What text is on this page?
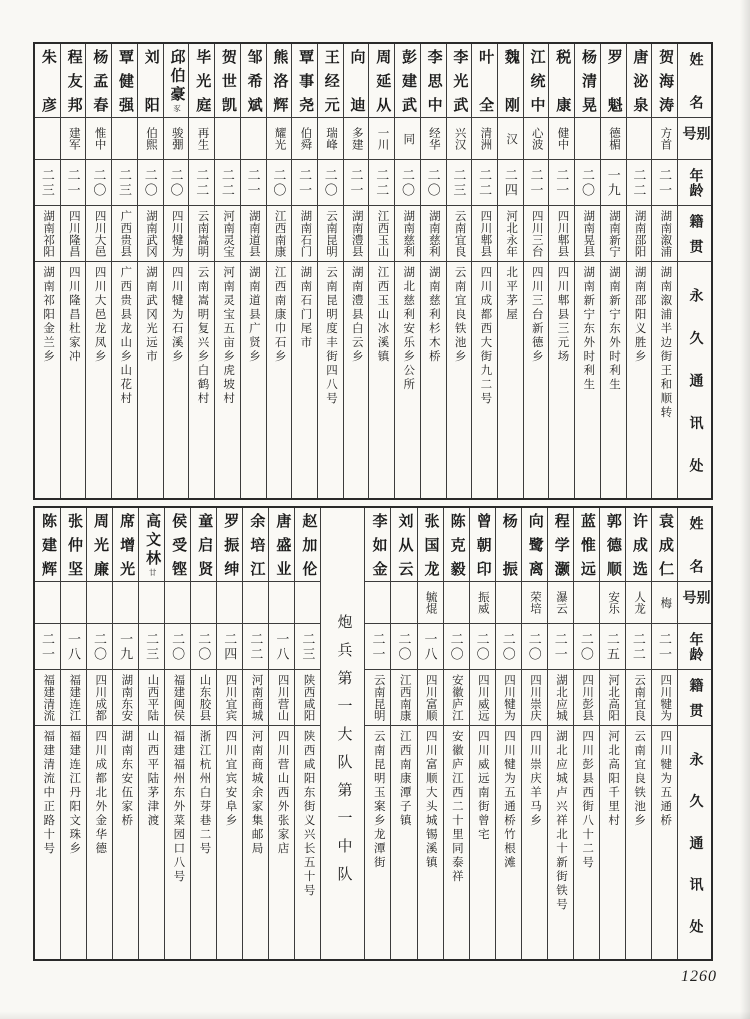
姓名
别号
年龄
籍贯
永久通讯处
贺海涛
方首
二一
湖南溆浦
湖南溆浦半边街王和顺转
唐泌泉
二二
湖南邵阳
湖南邵阳义胜乡
罗魁
德楣
一九
湖南新宁
湖南新宁东外时利生
杨清晃
二〇
湖南晃县
湖南新宁东外时利生
税康
健中
二一
四川郫县
四川郫县三元场
江统中
心波
二一
四川三台
四川三台新德乡
魏刚
汉
二四
河北永年
北平茅屋
叶全
清洲
二二
四川郫县
四川成都西大街九二号
李光武
兴汉
二三
云南宜良
云南宜良铁池乡
李思中
经华
二〇
湖南慈利
湖南慈利杉木桥
彭建武
同
二〇
湖南慈利
湖北慈利安乐乡公所
周延从
一川
二二
江西玉山
江西玉山冰溪镇
向迪
多建
二一
湖南澧县
湖南澧县白云乡
王经元
瑞峰
二〇
云南昆明
云南昆明度丰街四八号
覃事尧
伯舜
二一
湖南石门
湖南石门尾市
熊洛辉
耀光
二〇
江西南康
江西南康巾石乡
邹希斌
二一
湖南道县
湖南道县广贤乡
贺世凯
二二
河南灵宝
河南灵宝五亩乡虎坡村
毕光庭
再生
二二
云南嵩明
云南嵩明复兴乡白鹤村
邱伯豪豕
骏弸
二〇
四川犍为
四川犍为石溪乡
刘阳
伯熙
二〇
湖南武冈
湖南武冈光远市
覃健强
二三
广西贵县
广西贵县龙山乡山花村
杨孟春
惟中
二〇
四川大邑
四川大邑龙凤乡
程友邦
建军
二一
四川隆昌
四川隆昌杜家冲
朱彦
二三
湖南祁阳
湖南祁阳金兰乡
姓名
别号
年龄
籍贯
永久通讯处
袁成仁
梅
二一
四川犍为
四川犍为五通桥
许成选
人龙
二二
云南宜良
云南宜良铁池乡
郭德顺
安乐
二五
河北高阳
河北高阳千里村
蓝惟远
二〇
四川彭县
四川彭县西街八十二号
程学灏
瀑云
二一
湖北应城
湖北应城卢兴祥北十新街铁号
向鹭离
荣培
二〇
四川崇庆
四川崇庆羊马乡
杨振
二〇
四川犍为
四川犍为五通桥竹根滩
曾朝印
振威
二〇
四川威远
四川威远南街曾宅
陈克毅
二〇
安徽庐江
安徽庐江西二十里同泰祥
张国龙
毓焜
一八
四川富顺
四川富顺大头城锡溪镇
刘从云
二〇
江西南康
江西南康潭子镇
李如金
二一
云南昆明
云南昆明玉案乡龙潭街
炮兵第一大队第一中队
赵加伦
二三
陕西咸阳
陕西咸阳东街义兴长五十号
唐盛业
一八
四川营山
四川营山西外张家店
余培江
二二
河南商城
河南商城余家集邮局
罗振绅
二四
四川宜宾
四川宜宾安阜乡
童启贤
二〇
山东胶县
浙江杭州白芽巷二号
侯受铿
二〇
福建闽侯
福建福州东外菜园口八号
高文林廿
二三
山西平陆
山西平陆茅津渡
席增光
一九
湖南东安
湖南东安伍家桥
周光廉
二〇
四川成都
四川成都北外金华德
张仲坚
一八
福建连江
福建连江丹阳文珠乡
陈建辉
二一
福建清流
福建清流中正路十号
1260
